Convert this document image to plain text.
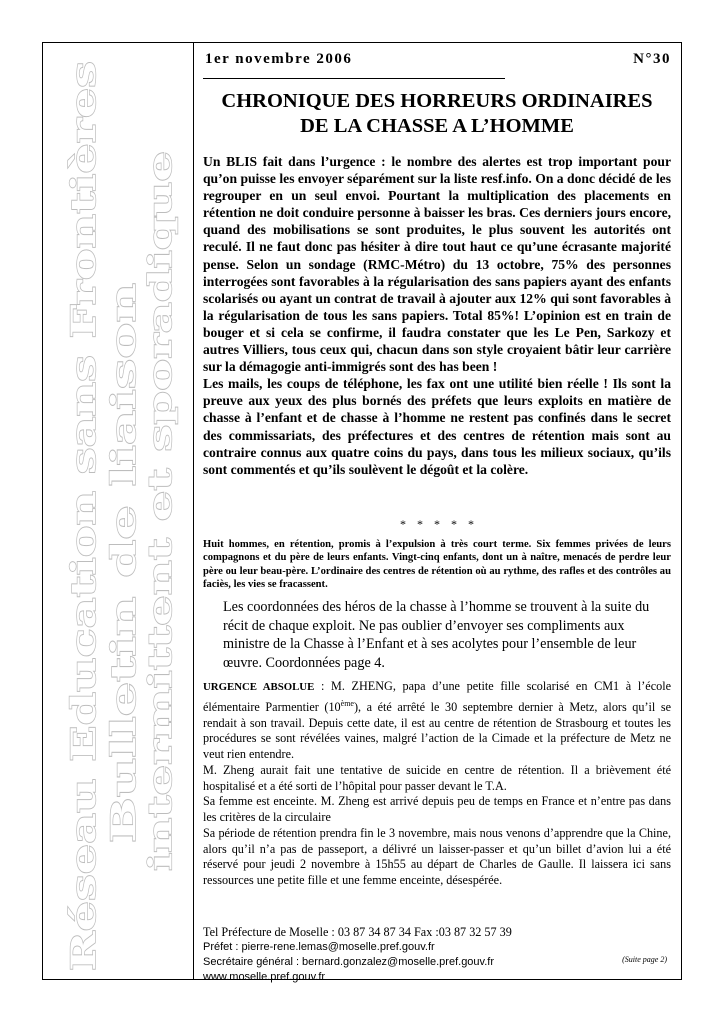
Réseau Education sans Frontières Bulletin de liaison
intermittent et sporadique
1er novembre 2006	N°30
CHRONIQUE DES HORREURS ORDINAIRES
DE LA CHASSE A L’HOMME

Un BLIS fait dans l’urgence : le nombre des alertes est trop important pour qu’on puisse les envoyer séparément sur la liste resf.info. On a donc décidé de les regrouper en un seul envoi. Pourtant la multiplication des placements en rétention ne doit conduire personne à baisser les bras. Ces derniers jours encore, quand des mobilisations se sont produites, le plus souvent les autorités ont reculé. Il ne faut donc pas hésiter à dire tout haut ce qu’une écrasante majorité pense. Selon un sondage (RMC-Métro) du 13 octobre, 75% des personnes interrogées sont favorables à la régularisation des sans papiers ayant des enfants scolarisés ou ayant un contrat de travail à ajouter aux 12% qui sont favorables à la régularisation de tous les sans papiers. Total 85%! L’opinion est en train de bouger et si cela se confirme, il faudra constater que les Le Pen, Sarkozy et autres Villiers, tous ceux qui, chacun dans son style croyaient bâtir leur carrière sur la démagogie anti-immigrés sont des has been !

Les mails, les coups de téléphone, les fax ont une utilité bien réelle ! Ils sont la preuve aux yeux des plus bornés des préfets que leurs exploits en matière de chasse à l’enfant et de chasse à l’homme ne restent pas confinés dans le secret des commissariats, des préfectures et des centres de rétention mais sont au contraire connus aux quatre coins du pays, dans tous les milieux sociaux, qu’ils sont commentés et qu’ils soulèvent le dégoût et la colère.

* * * * *
Huit hommes, en rétention, promis à l’expulsion à très court terme. Six femmes privées de leurs compagnons et du père de leurs enfants. Vingt-cinq enfants, dont un à naître, menacés de perdre leur père ou leur beau-père. L’ordinaire des centres de rétention où au rythme, des rafles et des contrôles au faciès, les vies se fracassent.
Les coordonnées des héros de la chasse à l’homme se trouvent à la suite du récit de chaque exploit. Ne pas oublier d’envoyer ses compliments aux ministre de la Chasse à l’Enfant et à ses acolytes pour l’ensemble de leur œuvre. Coordonnées page 4.

URGENCE ABSOLUE : M. ZHENG, papa d’une petite fille scolarisé en CM1 à l’école élémentaire Parmentier (10ème), a été arrêté le 30 septembre dernier à Metz, alors qu’il se rendait à son travail. Depuis cette date, il est au centre de rétention de Strasbourg et toutes les procédures se sont révélées vaines, malgré l’action de la Cimade et la préfecture de Metz ne veut rien entendre.

M. Zheng aurait fait une tentative de suicide en centre de rétention. Il a brièvement été hospitalisé et a été sorti de l’hôpital pour passer devant le T.A.

Sa femme est enceinte. M. Zheng est arrivé depuis peu de temps en France et n’entre pas dans les critères de la circulaire

Sa période de rétention prendra fin le 3 novembre, mais nous venons d’apprendre que la Chine, alors qu’il n’a pas de passeport, a délivré un laisser-passer et qu’un billet d’avion lui a été réservé pour jeudi 2 novembre à 15h55 au départ de Charles de Gaulle. Il laissera ici sans ressources une petite fille et une femme enceinte, désespérée.

Tel Préfecture de Moselle : 03 87 34 87 34 Fax :03 87 32 57 39
Préfet : pierre-rene.lemas@moselle.pref.gouv.fr
Secrétaire général : bernard.gonzalez@moselle.pref.gouv.fr
www.moselle.pref.gouv.fr
(Suite page 2)
